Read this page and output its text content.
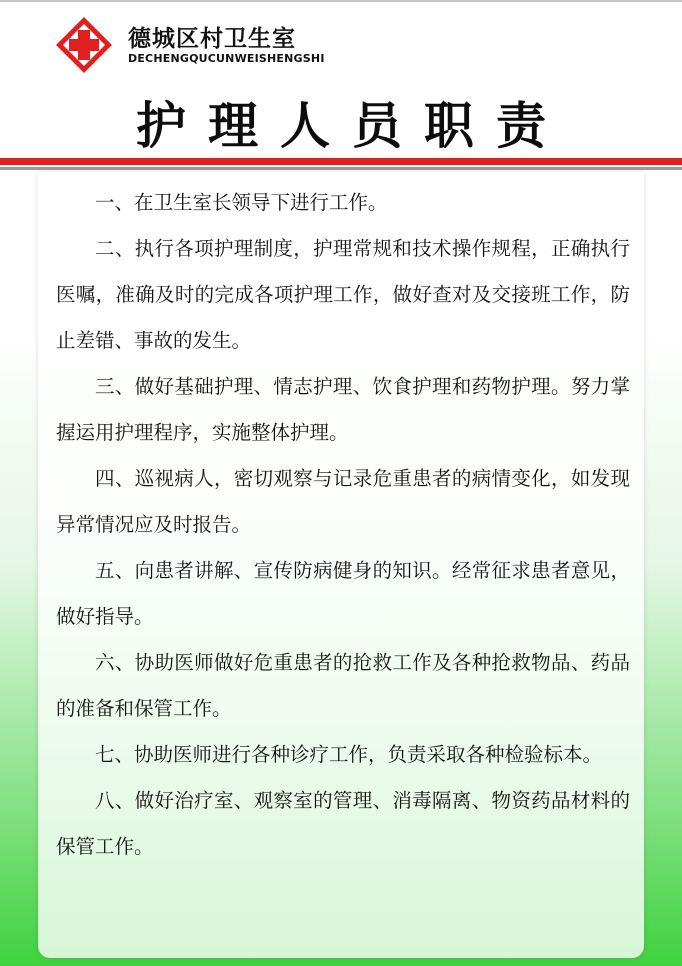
德城区村卫生室
DECHENGQUCUNWEISHENGSHI
护理人员职责

一、在卫生室长领导下进行工作。

二、执行各项护理制度，护理常规和技术操作规程，正确执行医嘱，准确及时的完成各项护理工作，做好查对及交接班工作，防止差错、事故的发生。

三、做好基础护理、情志护理、饮食护理和药物护理。努力掌握运用护理程序，实施整体护理。

四、巡视病人，密切观察与记录危重患者的病情变化，如发现异常情况应及时报告。

五、向患者讲解、宣传防病健身的知识。经常征求患者意见，做好指导。

六、协助医师做好危重患者的抢救工作及各种抢救物品、药品的准备和保管工作。

七、协助医师进行各种诊疗工作，负责采取各种检验标本。

八、做好治疗室、观察室的管理、消毒隔离、物资药品材料的保管工作。
